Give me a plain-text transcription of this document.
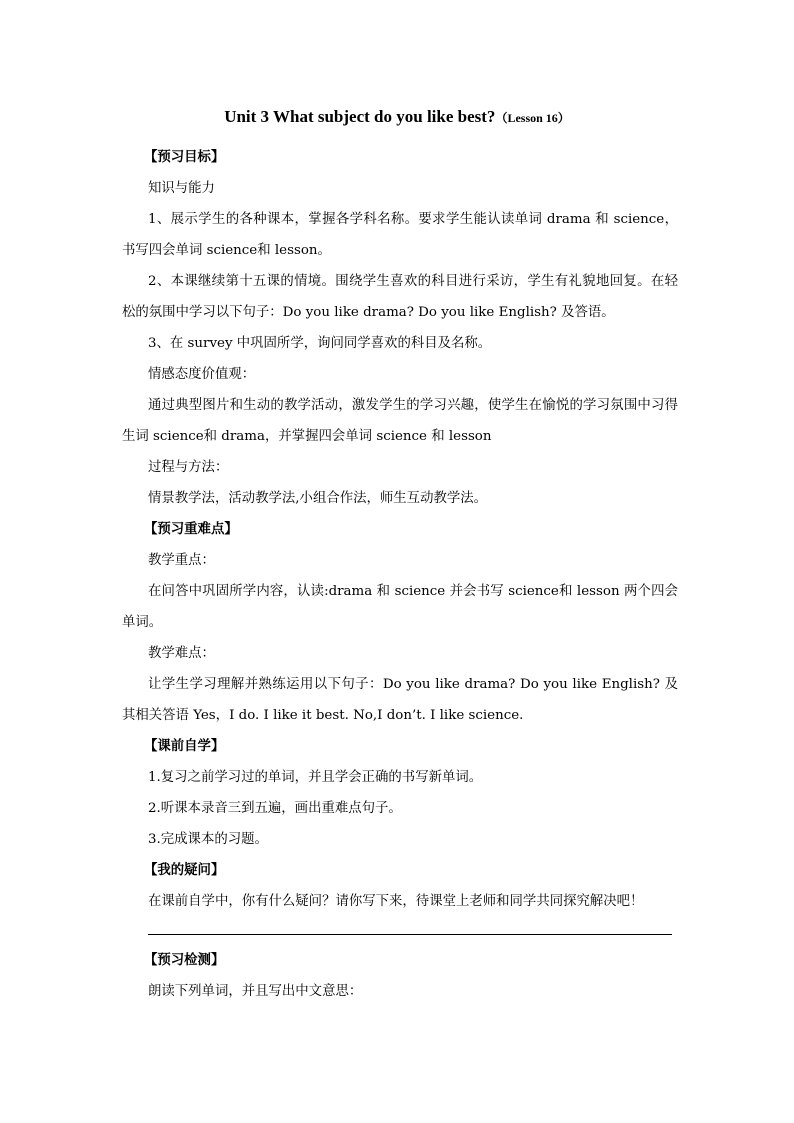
Unit 3 What subject do you like best?（Lesson 16）

【预习目标】

知识与能力

1、展示学生的各种课本，掌握各学科名称。要求学生能认读单词 drama 和 science，书写四会单词 science和 lesson。

2、本课继续第十五课的情境。围绕学生喜欢的科目进行采访，学生有礼貌地回复。在轻松的氛围中学习以下句子：Do you like drama? Do you like English? 及答语。

3、在 survey 中巩固所学，询问同学喜欢的科目及名称。

情感态度价值观：

通过典型图片和生动的教学活动，激发学生的学习兴趣，使学生在愉悦的学习氛围中习得生词 science和 drama，并掌握四会单词 science 和 lesson

过程与方法：

情景教学法，活动教学法,小组合作法，师生互动教学法。

【预习重难点】

教学重点：

在问答中巩固所学内容，认读:drama 和 science 并会书写 science和 lesson 两个四会单词。

教学难点：

让学生学习理解并熟练运用以下句子：Do you like drama? Do you like English? 及其相关答语 Yes，I do. I like it best. No,I don’t. I like science.

【课前自学】

1.复习之前学习过的单词，并且学会正确的书写新单词。

2.听课本录音三到五遍，画出重难点句子。

3.完成课本的习题。

【我的疑问】

在课前自学中，你有什么疑问？请你写下来，待课堂上老师和同学共同探究解决吧！

【预习检测】

朗读下列单词，并且写出中文意思：
